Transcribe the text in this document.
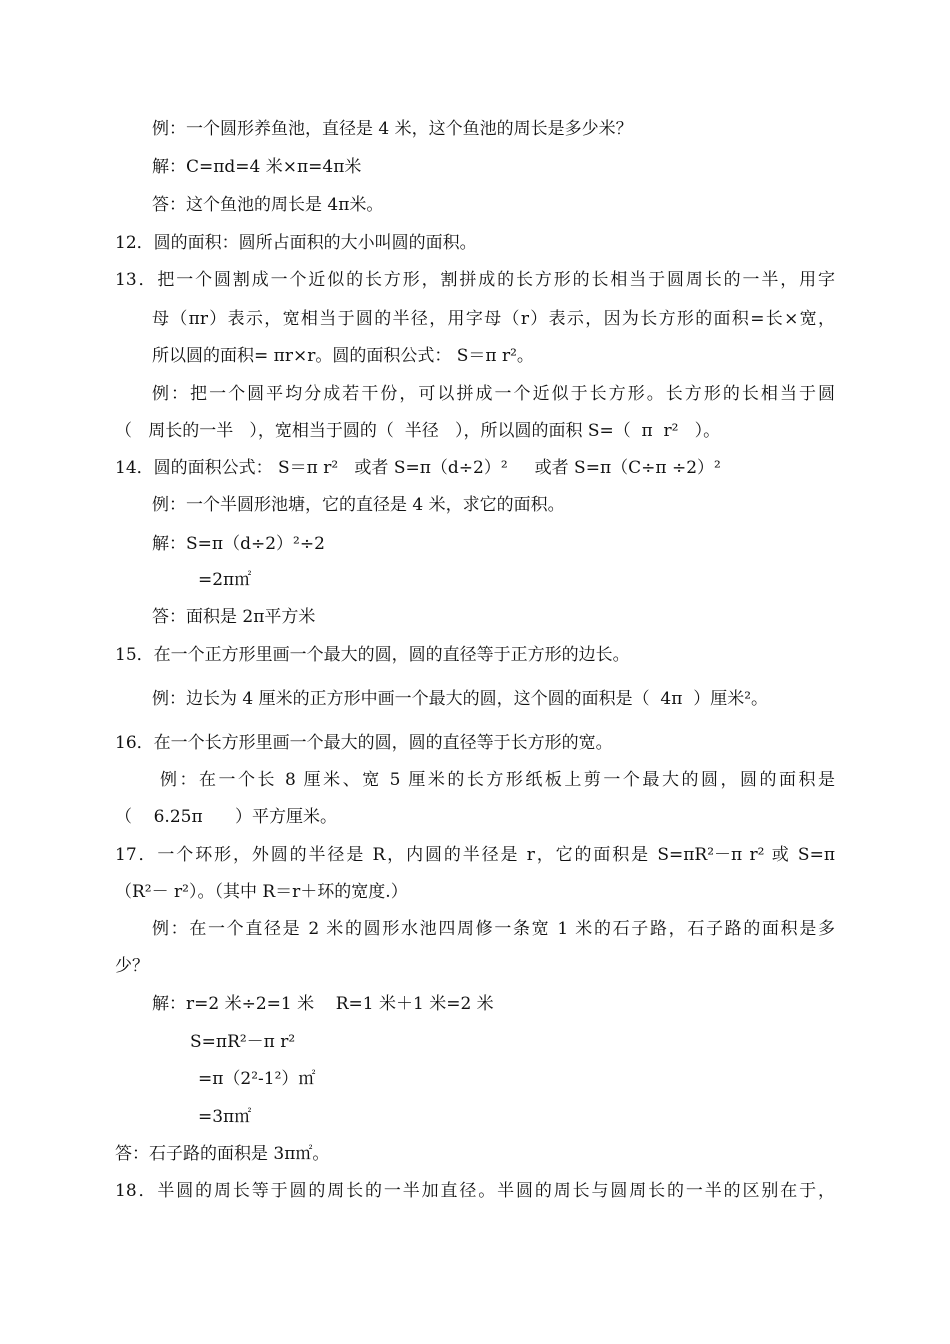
例：一个圆形养鱼池，直径是 4 米，这个鱼池的周长是多少米？
解：C=πd=4 米×π=4π米
答：这个鱼池的周长是 4π米。
12．圆的面积：圆所占面积的大小叫圆的面积。
13．把一个圆割成一个近似的长方形，割拼成的长方形的长相当于圆周长的一半，用字
母（πr）表示，宽相当于圆的半径，用字母（r）表示，因为长方形的面积=长×宽，
所以圆的面积= πr×r。圆的面积公式： S＝π r²。
例：把一个圆平均分成若干份，可以拼成一个近似于长方形。长方形的长相当于圆
（   周长的一半   ），宽相当于圆的（  半径   ），所以圆的面积 S=（  π  r²   ）。
14．圆的面积公式： S＝π r²   或者 S=π（d÷2）²     或者 S=π（C÷π ÷2）²
例：一个半圆形池塘，它的直径是 4 米，求它的面积。
解：S=π（d÷2）²÷2
=2π㎡
答：面积是 2π平方米
15．在一个正方形里画一个最大的圆，圆的直径等于正方形的边长。
例：边长为 4 厘米的正方形中画一个最大的圆，这个圆的面积是（  4π  ）厘米²。
16．在一个长方形里画一个最大的圆，圆的直径等于长方形的宽。
例：在一个长 8 厘米、宽 5 厘米的长方形纸板上剪一个最大的圆，圆的面积是
（    6.25π      ）平方厘米。
17．一个环形，外圆的半径是 R，内圆的半径是 r，它的面积是 S=πR²－π r² 或 S=π
（R²－ r²）。（其中 R＝r＋环的宽度.）
例：在一个直径是 2 米的圆形水池四周修一条宽 1 米的石子路，石子路的面积是多
少？
解：r=2 米÷2=1 米    R=1 米＋1 米=2 米
S=πR²－π r²
=π（2²-1²）㎡
=3π㎡
答：石子路的面积是 3π㎡。
18．半圆的周长等于圆的周长的一半加直径。半圆的周长与圆周长的一半的区别在于，
